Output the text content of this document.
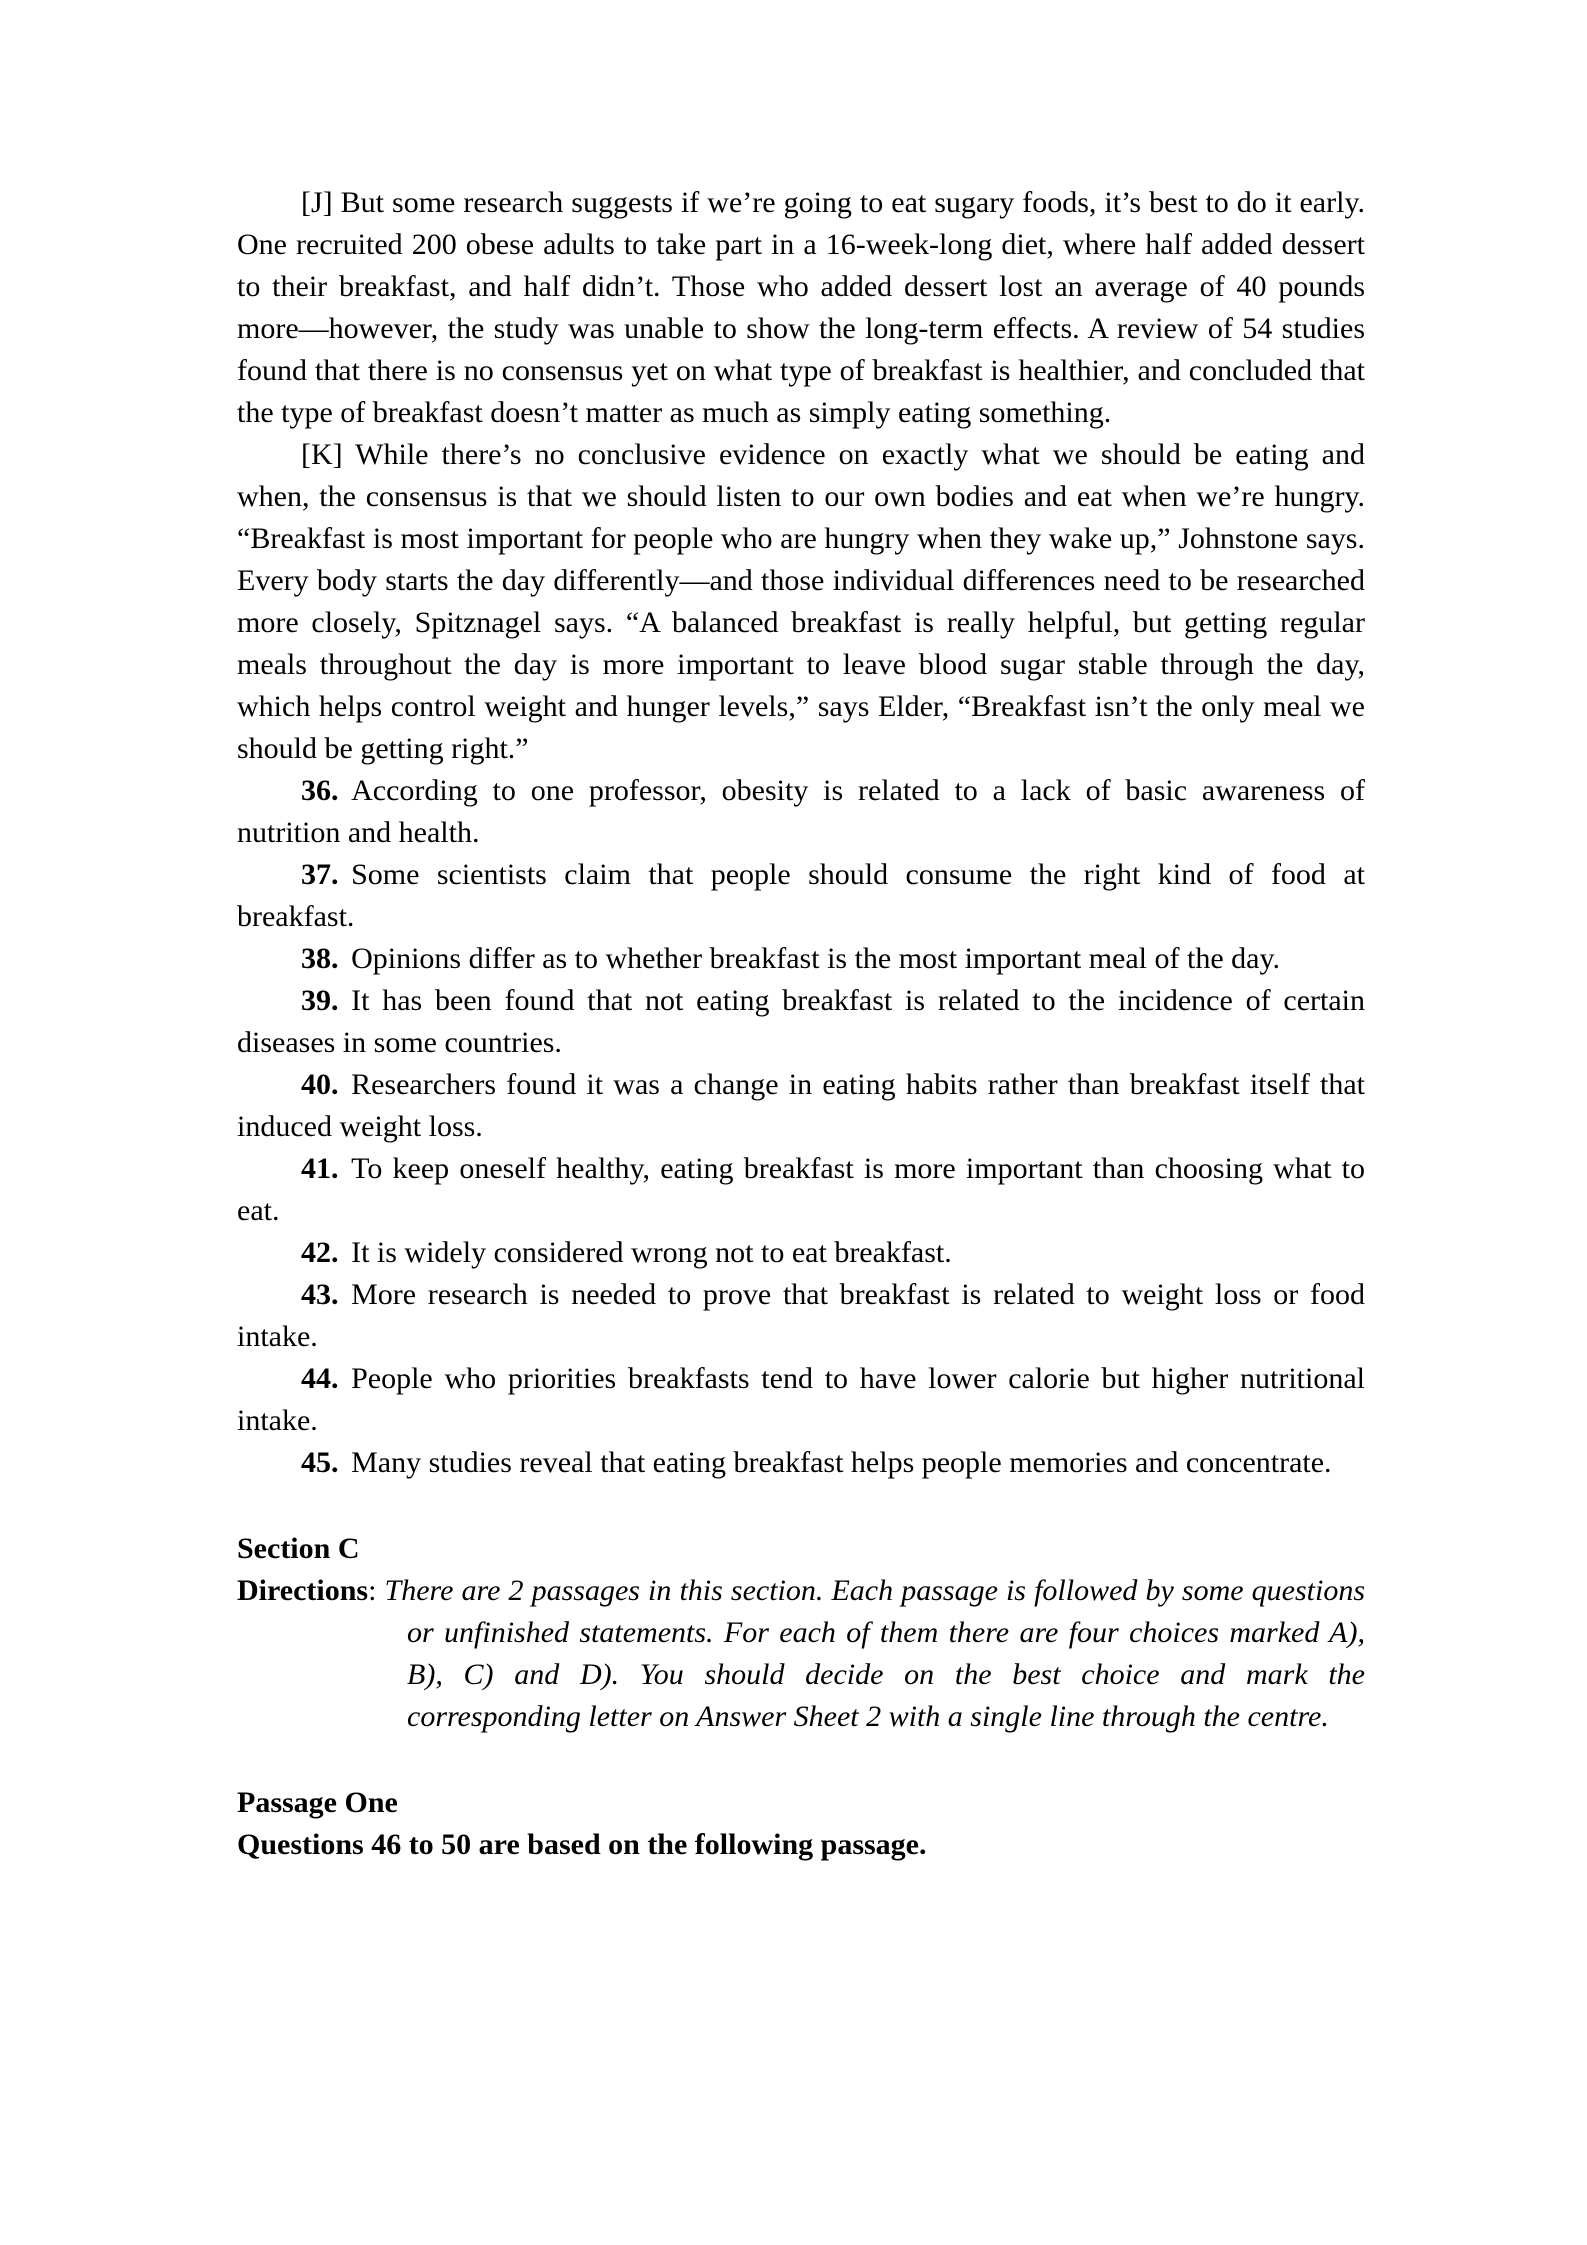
[J] But some research suggests if we’re going to eat sugary foods, it’s best to do it early. One recruited 200 obese adults to take part in a 16-week-long diet, where half added dessert to their breakfast, and half didn’t. Those who added dessert lost an average of 40 pounds more—however, the study was unable to show the long-term effects. A review of 54 studies found that there is no consensus yet on what type of breakfast is healthier, and concluded that the type of breakfast doesn’t matter as much as simply eating something.

[K] While there’s no conclusive evidence on exactly what we should be eating and when, the consensus is that we should listen to our own bodies and eat when we’re hungry. “Breakfast is most important for people who are hungry when they wake up,” Johnstone says. Every body starts the day differently—and those individual differences need to be researched more closely, Spitznagel says. “A balanced breakfast is really helpful, but getting regular meals throughout the day is more important to leave blood sugar stable through the day, which helps control weight and hunger levels,” says Elder, “Breakfast isn’t the only meal we should be getting right.”

36. According to one professor, obesity is related to a lack of basic awareness of nutrition and health.

37. Some scientists claim that people should consume the right kind of food at breakfast.

38. Opinions differ as to whether breakfast is the most important meal of the day.

39. It has been found that not eating breakfast is related to the incidence of certain diseases in some countries.

40. Researchers found it was a change in eating habits rather than breakfast itself that induced weight loss.

41. To keep oneself healthy, eating breakfast is more important than choosing what to eat.

42. It is widely considered wrong not to eat breakfast.

43. More research is needed to prove that breakfast is related to weight loss or food intake.

44. People who priorities breakfasts tend to have lower calorie but higher nutritional intake.

45. Many studies reveal that eating breakfast helps people memories and concentrate.

Section C

Directions: There are 2 passages in this section. Each passage is followed by some questions or unfinished statements. For each of them there are four choices marked A), B), C) and D). You should decide on the best choice and mark the corresponding letter on Answer Sheet 2 with a single line through the centre.

Passage One

Questions 46 to 50 are based on the following passage.
